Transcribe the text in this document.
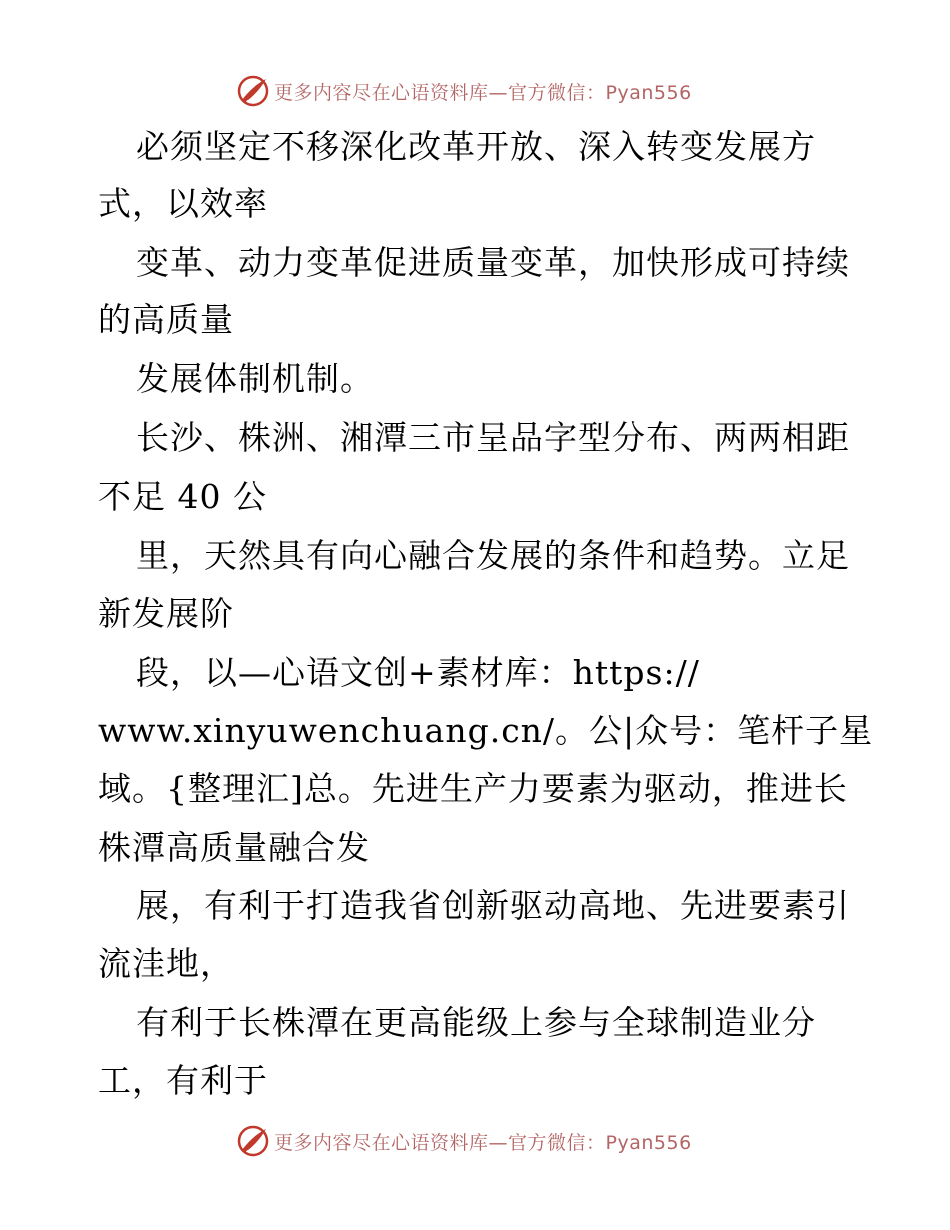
更多内容尽在心语资料库—官方微信：Pyan556
必须坚定不移深化改革开放、深入转变发展方
式，以效率
变革、动力变革促进质量变革，加快形成可持续
的高质量
发展体制机制。
长沙、株洲、湘潭三市呈品字型分布、两两相距
不足 40 公
里，天然具有向心融合发展的条件和趋势。立足
新发展阶
段，以—心语文创+素材库：https://
www.xinyuwenchuang.cn/。公|众号：笔杆子星
域。{整理汇]总。先进生产力要素为驱动，推进长
株潭高质量融合发
展，有利于打造我省创新驱动高地、先进要素引
流洼地，
有利于长株潭在更高能级上参与全球制造业分
工，有利于
更多内容尽在心语资料库—官方微信：Pyan556
